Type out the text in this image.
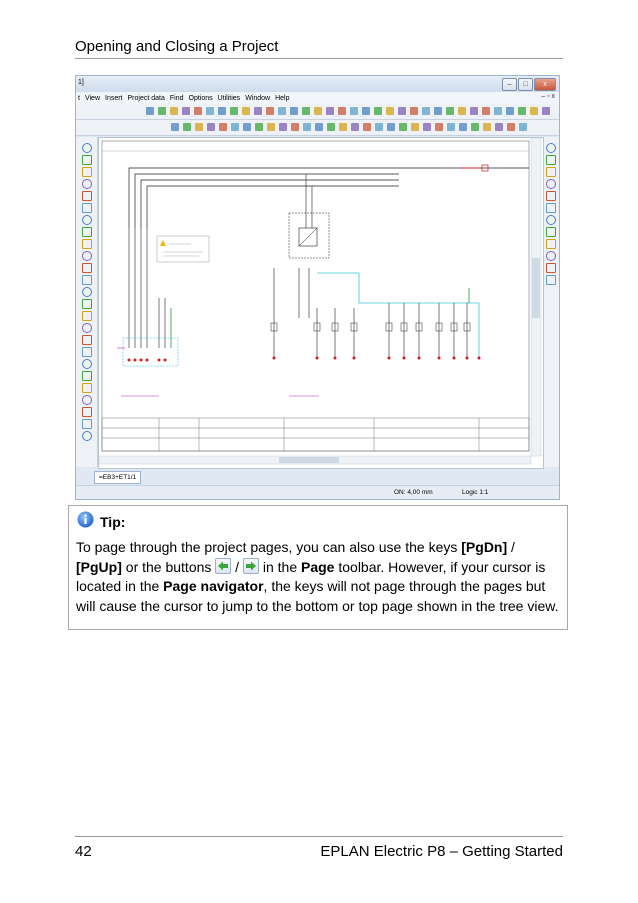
Opening and Closing a Project
1]	–	□	x
t View Insert Project data Find Options Utilities Window Help	– ▫ x
=EB3+ET1/1
ON: 4,00 mm	Logic 1:1
Tip:
To page through the project pages, you can also use the keys [PgDn] /
[PgUp] or the buttons
/
in the Page toolbar. However, if your cursor is located in the Page navigator, the keys will not page through the pages but will cause the cursor to jump to the bottom or top page shown in the tree view.
42	EPLAN Electric P8 – Getting Started
